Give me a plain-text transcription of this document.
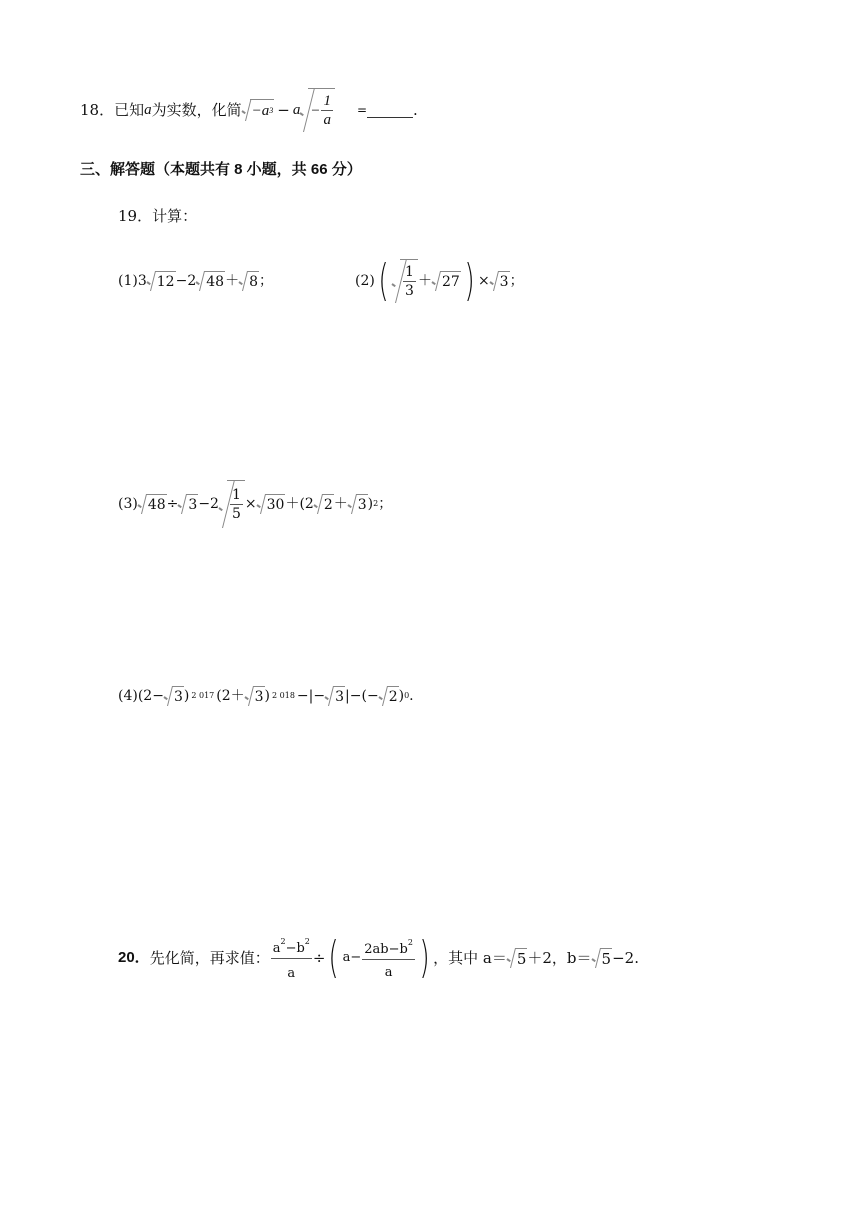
18． 已知 a 为实数，化简 −a $3 - a - \frac{1}{a}$ =	.
三、解答题（本题共有 8 小题，共 66 分）
19．计算：
(1) 3 12 −2 48 ＋ 8 ；	(2) ( $\frac{1}{3} + 27$ ) × 3 ；
(3) $48 \div 3 -2 \frac{1}{5} \times 30 + (2$ 2 ＋ 3 ) 2 ；
(4) (2− 3 ) 2 017 (2＋ 3 ) 2 018 −|− 3 | −(− 2 ) 0 .
20． 先化简，再求值： $\frac{a^2-b^2}{a}$ ÷ ( $a- \frac{2ab-b^2}{a}$ ) ，其中 a＝ 5 ＋2，b＝ 5 −2.
